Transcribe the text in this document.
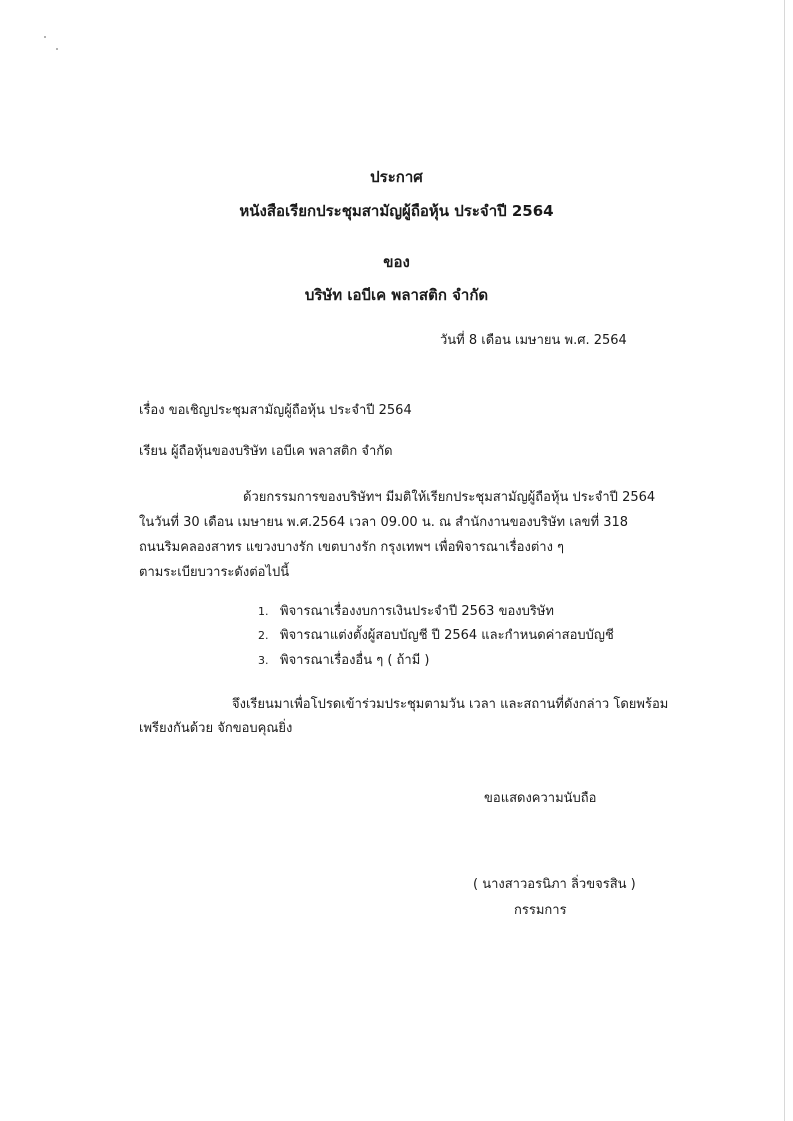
ประกาศ
หนังสือเรียกประชุมสามัญผู้ถือหุ้น ประจำปี 2564
ของ
บริษัท เอบีเค พลาสติก จำกัด
วันที่ 8 เดือน เมษายน พ.ศ. 2564
เรื่อง ขอเชิญประชุมสามัญผู้ถือหุ้น ประจำปี 2564
เรียน ผู้ถือหุ้นของบริษัท เอบีเค พลาสติก จำกัด
ด้วยกรรมการของบริษัทฯ มีมติให้เรียกประชุมสามัญผู้ถือหุ้น ประจำปี 2564
ในวันที่ 30 เดือน เมษายน พ.ศ.2564 เวลา 09.00 น. ณ สำนักงานของบริษัท เลขที่ 318
ถนนริมคลองสาทร แขวงบางรัก เขตบางรัก กรุงเทพฯ เพื่อพิจารณาเรื่องต่าง ๆ
ตามระเบียบวาระดังต่อไปนี้
1. พิจารณาเรื่องงบการเงินประจำปี 2563 ของบริษัท
2. พิจารณาแต่งตั้งผู้สอบบัญชี ปี 2564 และกำหนดค่าสอบบัญชี
3. พิจารณาเรื่องอื่น ๆ ( ถ้ามี )
จึงเรียนมาเพื่อโปรดเข้าร่วมประชุมตามวัน เวลา และสถานที่ดังกล่าว โดยพร้อม
เพรียงกันด้วย จักขอบคุณยิ่ง
ขอแสดงความนับถือ
( นางสาวอรนิภา ลิ่วขจรสิน )
กรรมการ
